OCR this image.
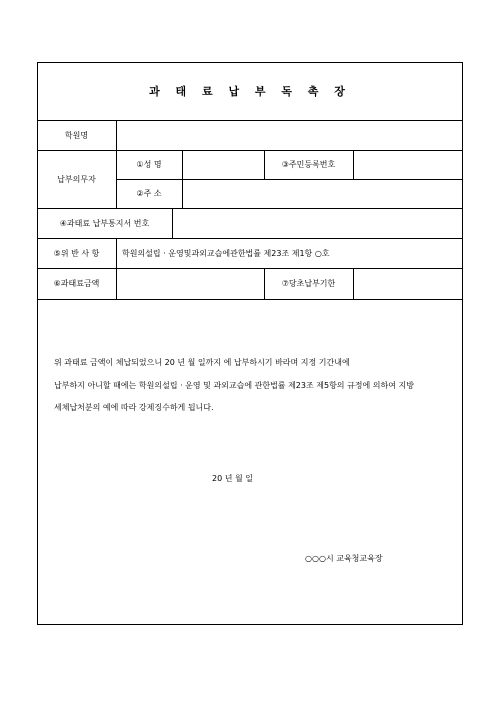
과 태 료 납 부 독 촉 장
학원명
납부의무자
①성 명	③주민등록번호
②주 소
④과태료 납부통지서 번호
⑤위 반 사 항	학원의설립 · 운영및과외교습에관한법률 제23조 제1항 ○호
⑥과태료금액	⑦당초납부기한
위 과태료 금액이 체납되었으니 20 년 월 일까지 에 납부하시기 바라며 지정 기간내에
납부하지 아니할 때에는 학원의설립 · 운영 및 과외교습에 관한법률 제23조 제5항의 규정에 의하여 지방
세체납처분의 예에 따라 강제징수하게 됩니다.
20 년 월 일
○○○시 교육청교육장
